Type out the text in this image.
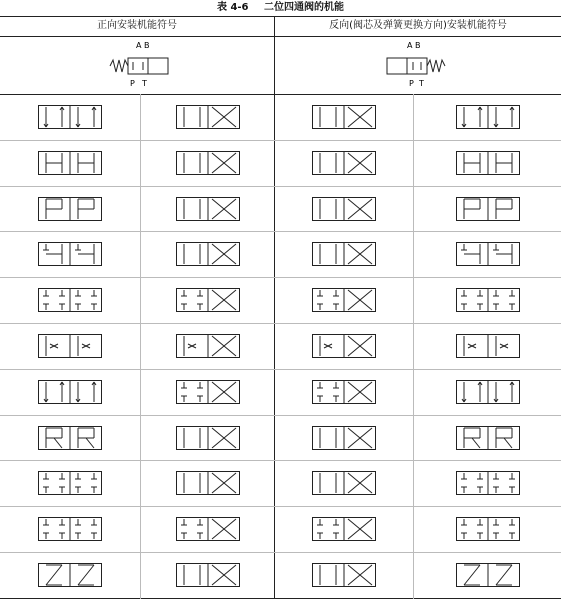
表 4-6 二位四通阀的机能
正向安装机能符号	反向(阀芯及弹簧更换方向)安装机能符号
A B
P T
A B
P T
